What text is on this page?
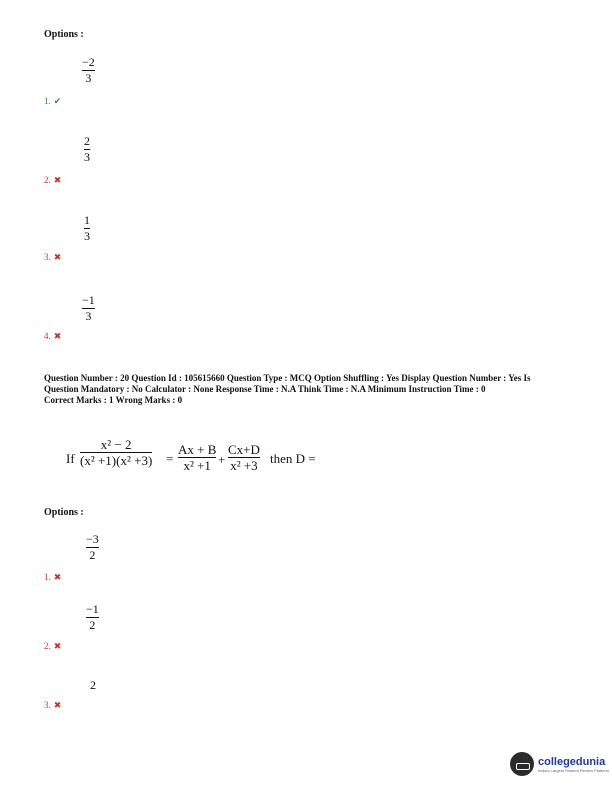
Options :
−2
3
1. ✔
2
3
2. ✖
1
3
3. ✖
−1
3
4. ✖
Question Number : 20 Question Id : 105615660 Question Type : MCQ Option Shuffling : Yes Display Question Number : Yes Is
Question Mandatory : No Calculator : None Response Time : N.A Think Time : N.A Minimum Instruction Time : 0
Correct Marks : 1 Wrong Marks : 0
If
x² − 2
(x² +1)(x² +3) =
Ax + B
x² +1 +
Cx+D
x² +3 then D =
Options :
−3
2
1. ✖
−1
2
2. ✖
2
3. ✖
collegedunia
India's Largest Student Review Platform
